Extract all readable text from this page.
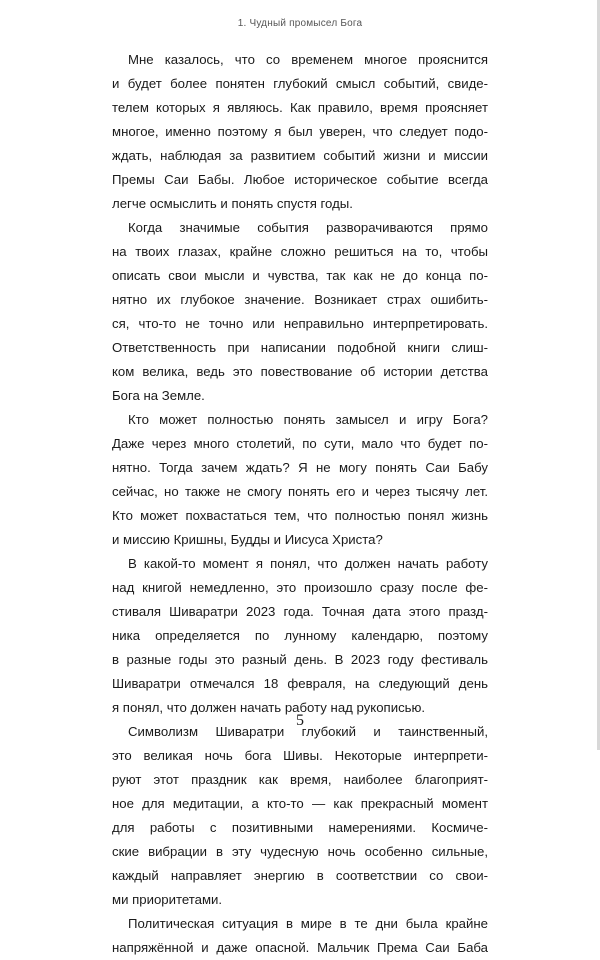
1. Чудный промысел Бога
Мне казалось, что со временем многое прояснится
и будет более понятен глубокий смысл событий, свиде-
телем которых я являюсь. Как правило, время проясняет
многое, именно поэтому я был уверен, что следует подо-
ждать, наблюдая за развитием событий жизни и миссии
Премы Саи Бабы. Любое историческое событие всегда
легче осмыслить и понять спустя годы.
Когда значимые события разворачиваются прямо
на твоих глазах, крайне сложно решиться на то, чтобы
описать свои мысли и чувства, так как не до конца по-
нятно их глубокое значение. Возникает страх ошибить-
ся, что-то не точно или неправильно интерпретировать.
Ответственность при написании подобной книги слиш-
ком велика, ведь это повествование об истории детства
Бога на Земле.
Кто может полностью понять замысел и игру Бога?
Даже через много столетий, по сути, мало что будет по-
нятно. Тогда зачем ждать? Я не могу понять Саи Бабу
сейчас, но также не смогу понять его и через тысячу лет.
Кто может похвастаться тем, что полностью понял жизнь
и миссию Кришны, Будды и Иисуса Христа?
В какой-то момент я понял, что должен начать работу
над книгой немедленно, это произошло сразу после фе-
стиваля Шиваратри 2023 года. Точная дата этого празд-
ника определяется по лунному календарю, поэтому
в разные годы это разный день. В 2023 году фестиваль
Шиваратри отмечался 18 февраля, на следующий день
я понял, что должен начать работу над рукописью.
Символизм Шиваратри глубокий и таинственный,
это великая ночь бога Шивы. Некоторые интерпрети-
руют этот праздник как время, наиболее благоприят-
ное для медитации, а кто-то — как прекрасный момент
для работы с позитивными намерениями. Космиче-
ские вибрации в эту чудесную ночь особенно сильные,
каждый направляет энергию в соответствии со свои-
ми приоритетами.
Политическая ситуация в мире в те дни была крайне
напряжённой и даже опасной. Мальчик Према Саи Баба
5
